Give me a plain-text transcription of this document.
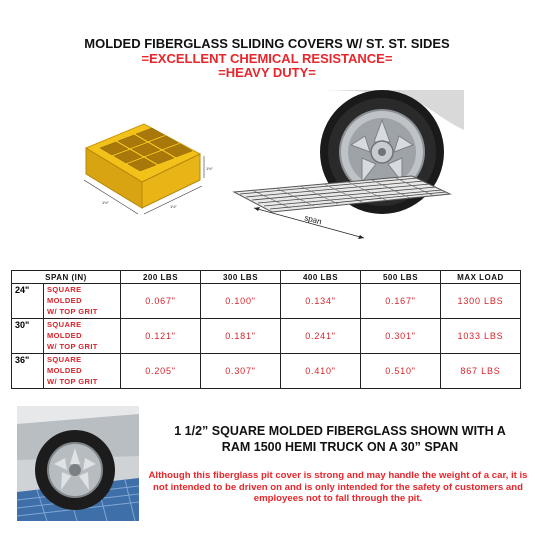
MOLDED FIBERGLASS SLIDING COVERS W/ ST. ST. SIDES
=EXCELLENT CHEMICAL RESISTANCE=
=HEAVY DUTY=
1½"
1½"
1½"
span
SPAN (IN)		200 LBS	300 LBS	400 LBS	500 LBS	MAX LOAD
24"	SQUARE
MOLDED
W/ TOP GRIT	0.067"	0.100"	0.134"	0.167"	1300 LBS
30"	SQUARE
MOLDED
W/ TOP GRIT	0.121"	0.181"	0.241"	0.301"	1033 LBS
36"	SQUARE
MOLDED
W/ TOP GRIT	0.205"	0.307"	0.410"	0.510"	867 LBS
1 1/2” SQUARE MOLDED FIBERGLASS SHOWN WITH A
RAM 1500 HEMI TRUCK ON A 30” SPAN
Although this fiberglass pit cover is strong and may handle the weight of a car, it is not intended to be driven on and is only intended for the safety of customers and employees not to fall through the pit.
